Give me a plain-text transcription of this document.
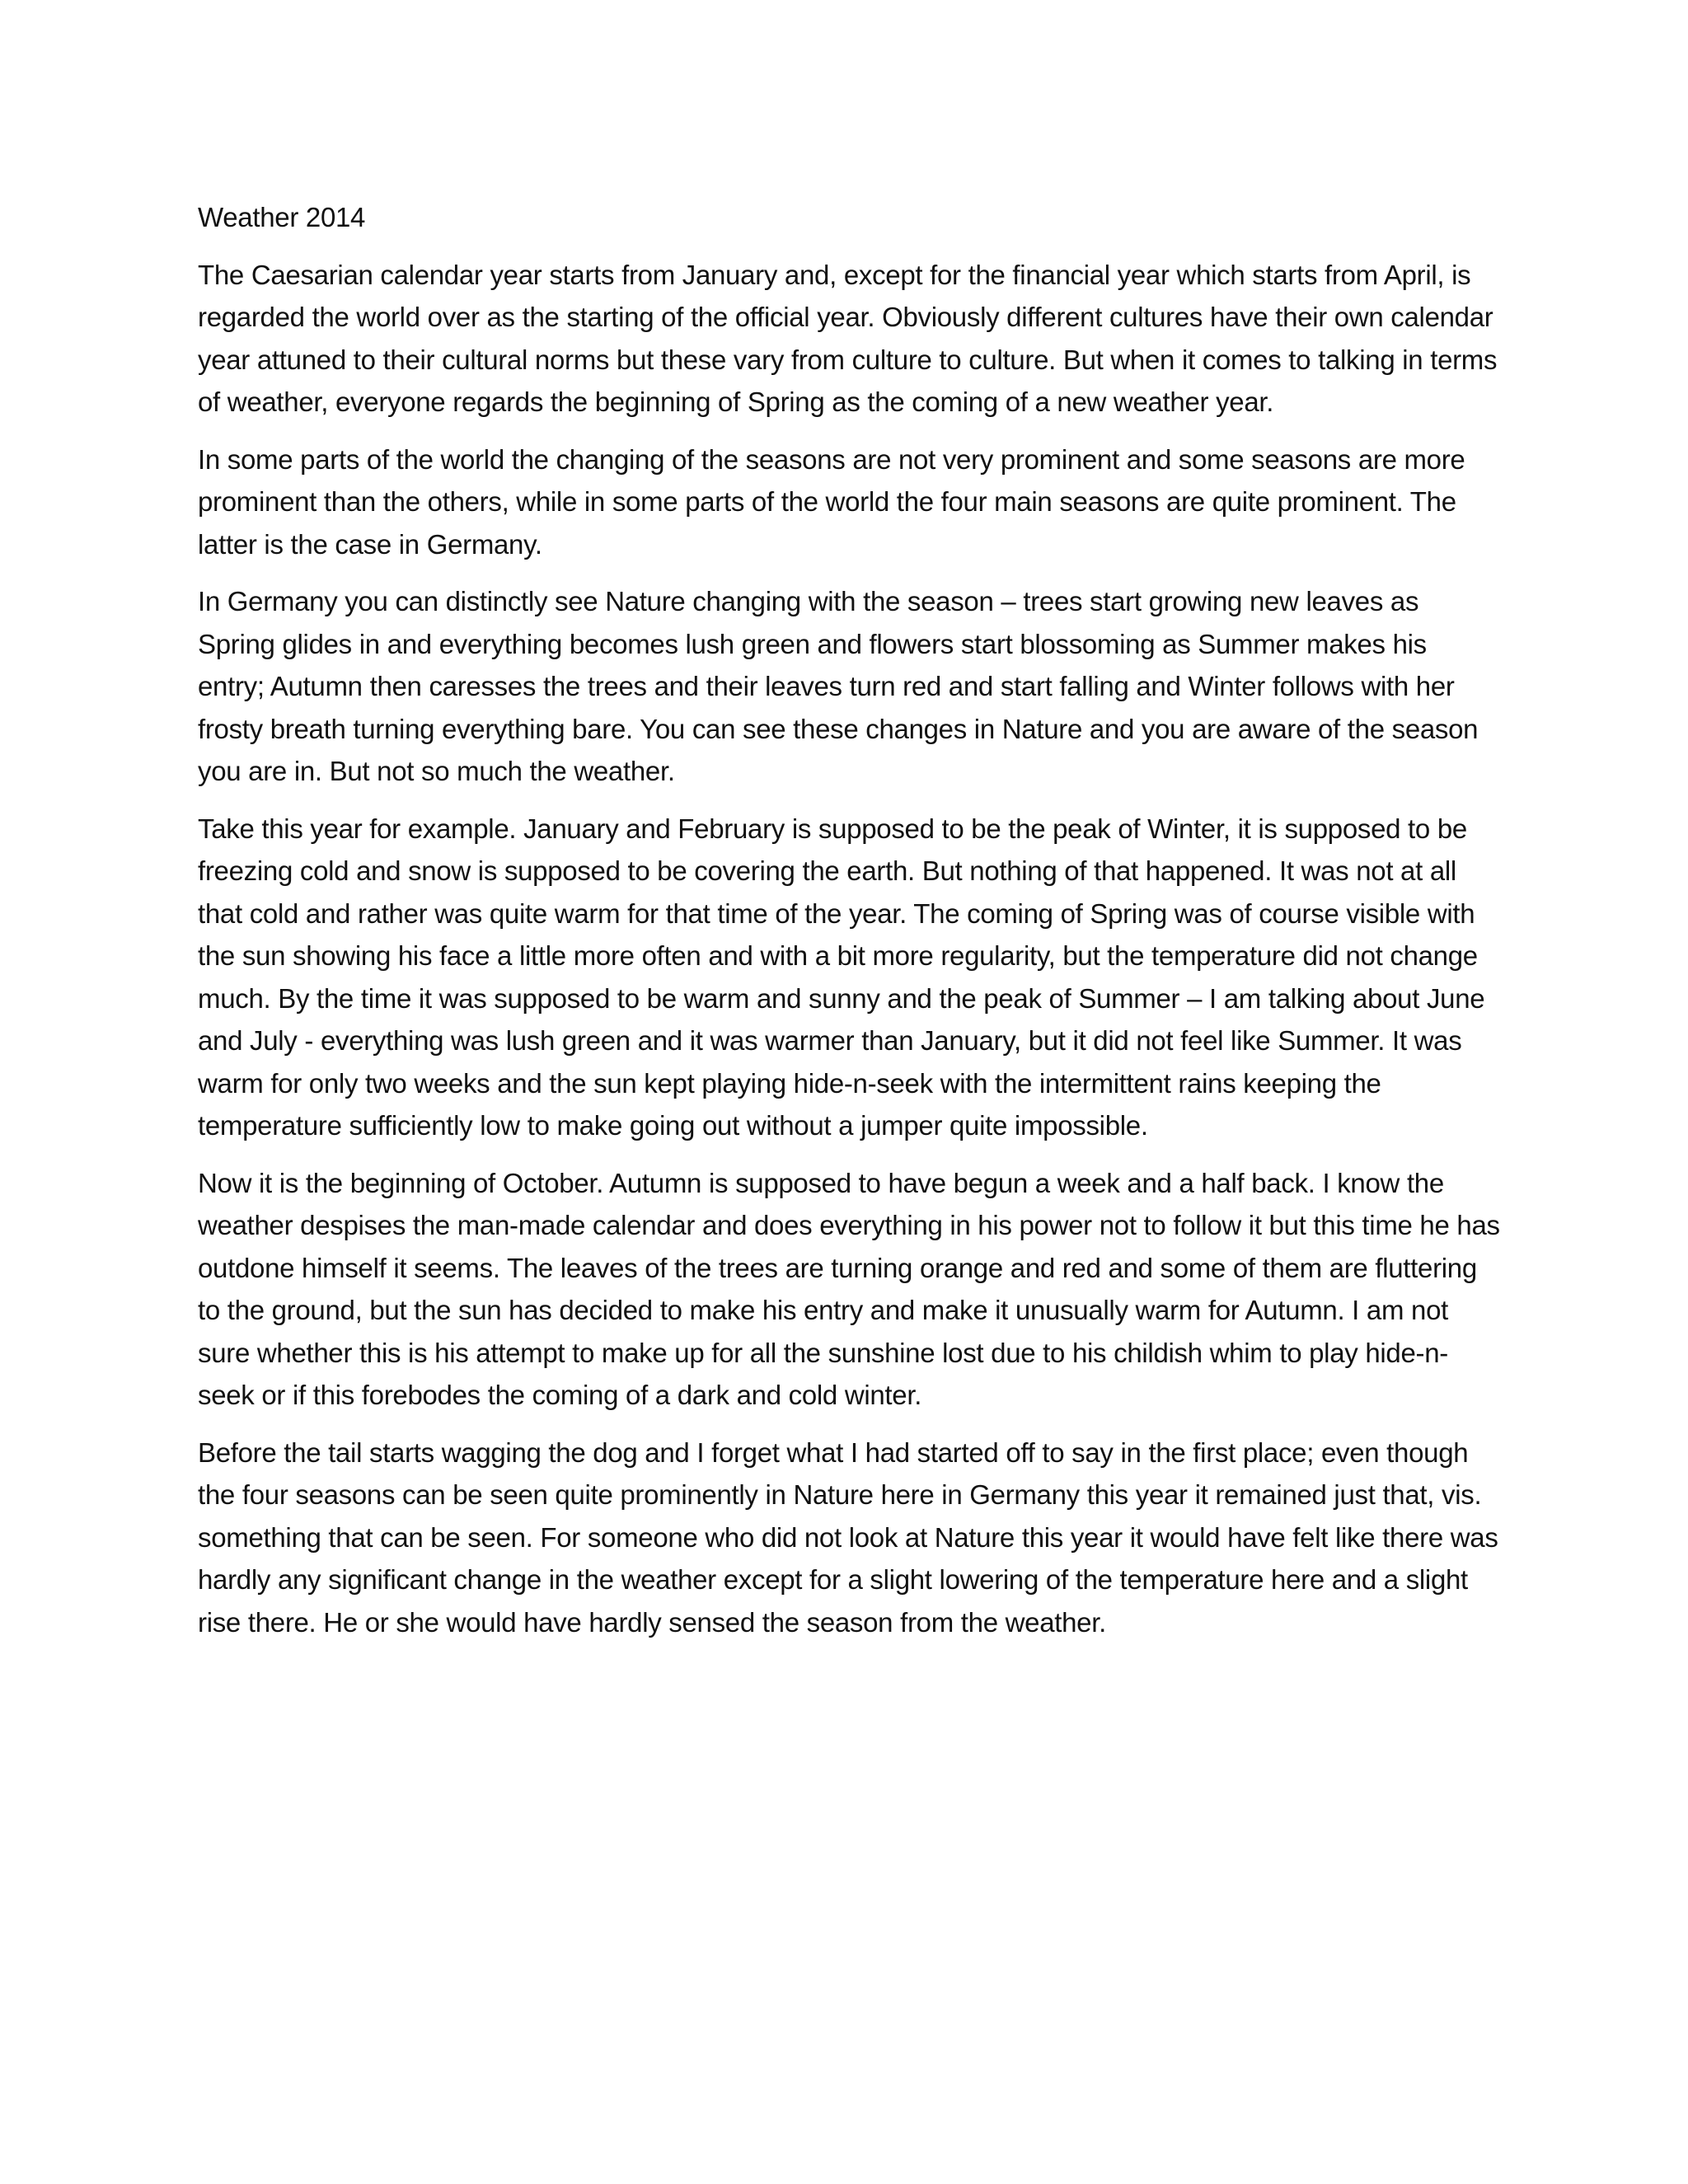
Weather 2014

The Caesarian calendar year starts from January and, except for the financial year which starts from April, is regarded the world over as the starting of the official year. Obviously different cultures have their own calendar year attuned to their cultural norms but these vary from culture to culture. But when it comes to talking in terms of weather, everyone regards the beginning of Spring as the coming of a new weather year.

In some parts of the world the changing of the seasons are not very prominent and some seasons are more prominent than the others, while in some parts of the world the four main seasons are quite prominent. The latter is the case in Germany.

In Germany you can distinctly see Nature changing with the season – trees start growing new leaves as Spring glides in and everything becomes lush green and flowers start blossoming as Summer makes his entry; Autumn then caresses the trees and their leaves turn red and start falling and Winter follows with her frosty breath turning everything bare. You can see these changes in Nature and you are aware of the season you are in. But not so much the weather.

Take this year for example. January and February is supposed to be the peak of Winter, it is supposed to be freezing cold and snow is supposed to be covering the earth. But nothing of that happened. It was not at all that cold and rather was quite warm for that time of the year. The coming of Spring was of course visible with the sun showing his face a little more often and with a bit more regularity, but the temperature did not change much. By the time it was supposed to be warm and sunny and the peak of Summer – I am talking about June and July - everything was lush green and it was warmer than January, but it did not feel like Summer. It was warm for only two weeks and the sun kept playing hide-n-seek with the intermittent rains keeping the temperature sufficiently low to make going out without a jumper quite impossible.

Now it is the beginning of October. Autumn is supposed to have begun a week and a half back. I know the weather despises the man-made calendar and does everything in his power not to follow it but this time he has outdone himself it seems. The leaves of the trees are turning orange and red and some of them are fluttering to the ground, but the sun has decided to make his entry and make it unusually warm for Autumn. I am not sure whether this is his attempt to make up for all the sunshine lost due to his childish whim to play hide-n-seek or if this forebodes the coming of a dark and cold winter.

Before the tail starts wagging the dog and I forget what I had started off to say in the first place; even though the four seasons can be seen quite prominently in Nature here in Germany this year it remained just that, vis. something that can be seen. For someone who did not look at Nature this year it would have felt like there was hardly any significant change in the weather except for a slight lowering of the temperature here and a slight rise there. He or she would have hardly sensed the season from the weather.
